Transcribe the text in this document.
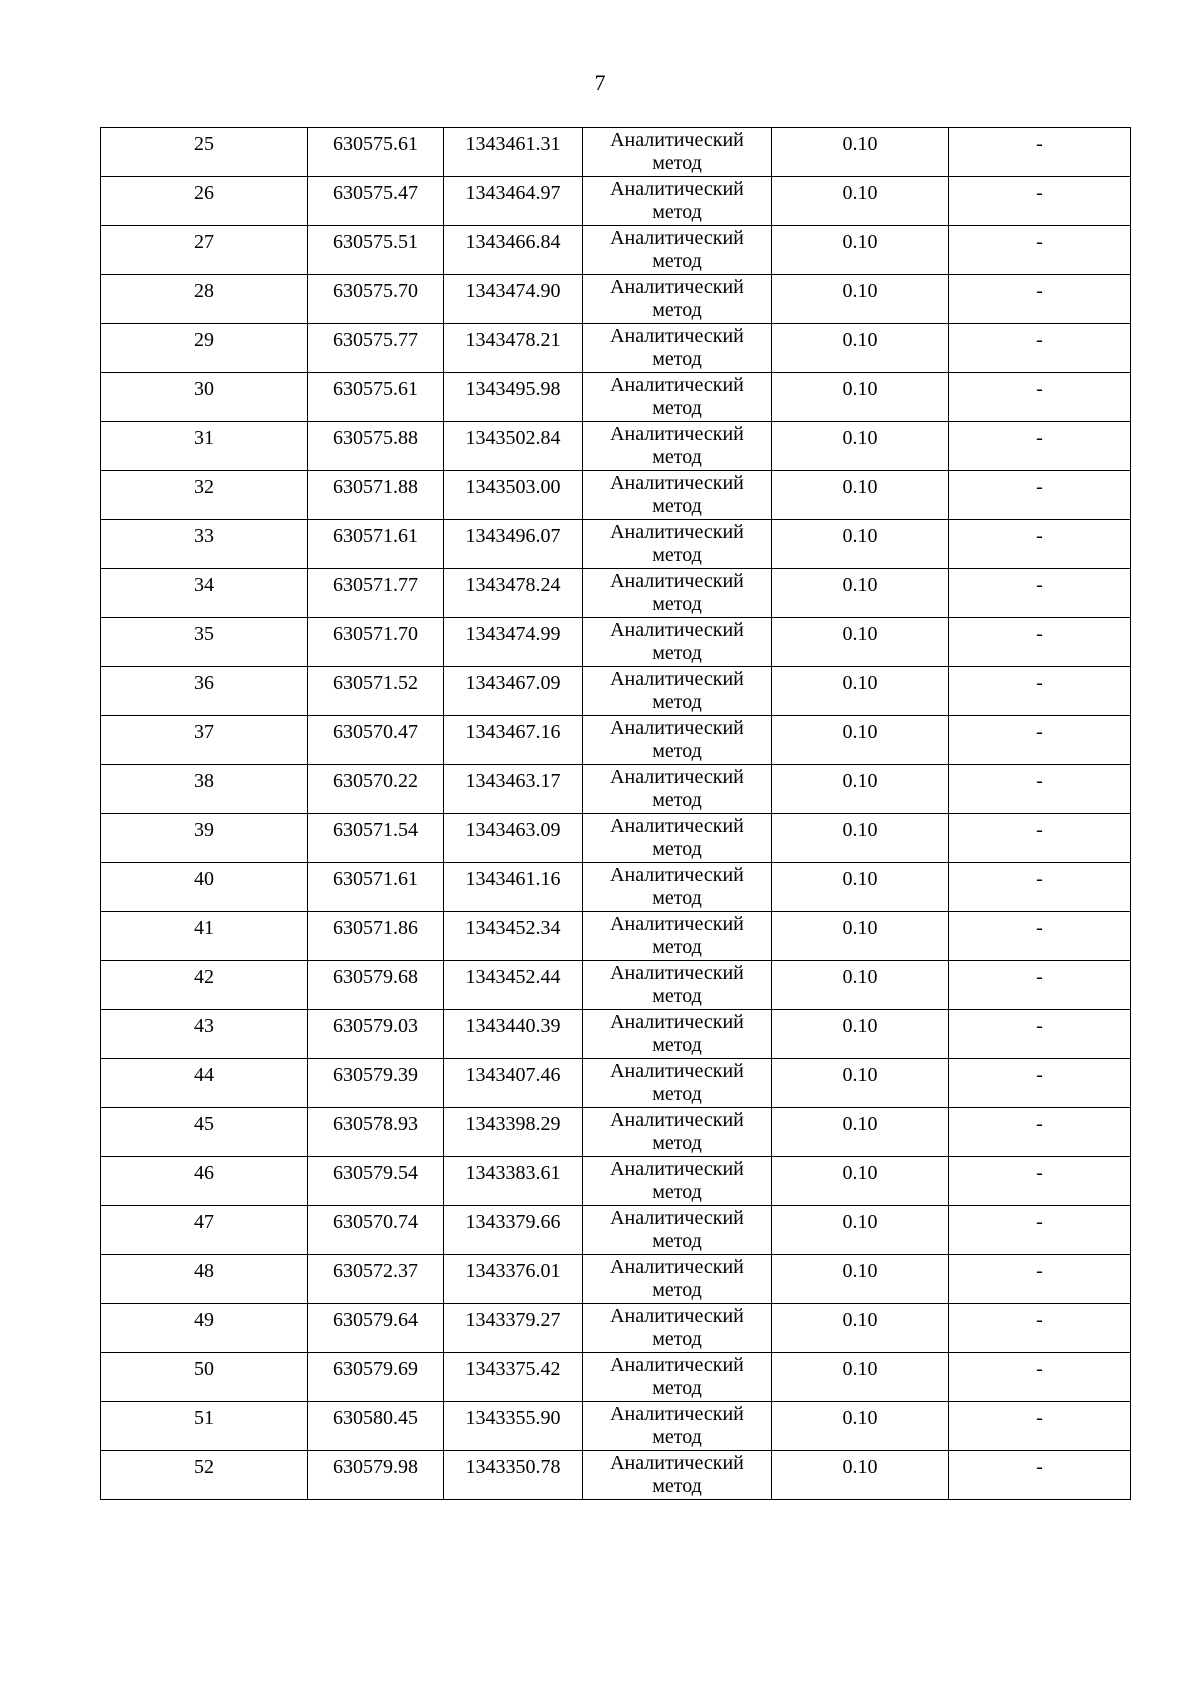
7
25	630575.61	1343461.31	Аналитический метод	0.10	-
26	630575.47	1343464.97	Аналитический метод	0.10	-
27	630575.51	1343466.84	Аналитический метод	0.10	-
28	630575.70	1343474.90	Аналитический метод	0.10	-
29	630575.77	1343478.21	Аналитический метод	0.10	-
30	630575.61	1343495.98	Аналитический метод	0.10	-
31	630575.88	1343502.84	Аналитический метод	0.10	-
32	630571.88	1343503.00	Аналитический метод	0.10	-
33	630571.61	1343496.07	Аналитический метод	0.10	-
34	630571.77	1343478.24	Аналитический метод	0.10	-
35	630571.70	1343474.99	Аналитический метод	0.10	-
36	630571.52	1343467.09	Аналитический метод	0.10	-
37	630570.47	1343467.16	Аналитический метод	0.10	-
38	630570.22	1343463.17	Аналитический метод	0.10	-
39	630571.54	1343463.09	Аналитический метод	0.10	-
40	630571.61	1343461.16	Аналитический метод	0.10	-
41	630571.86	1343452.34	Аналитический метод	0.10	-
42	630579.68	1343452.44	Аналитический метод	0.10	-
43	630579.03	1343440.39	Аналитический метод	0.10	-
44	630579.39	1343407.46	Аналитический метод	0.10	-
45	630578.93	1343398.29	Аналитический метод	0.10	-
46	630579.54	1343383.61	Аналитический метод	0.10	-
47	630570.74	1343379.66	Аналитический метод	0.10	-
48	630572.37	1343376.01	Аналитический метод	0.10	-
49	630579.64	1343379.27	Аналитический метод	0.10	-
50	630579.69	1343375.42	Аналитический метод	0.10	-
51	630580.45	1343355.90	Аналитический метод	0.10	-
52	630579.98	1343350.78	Аналитический метод	0.10	-
